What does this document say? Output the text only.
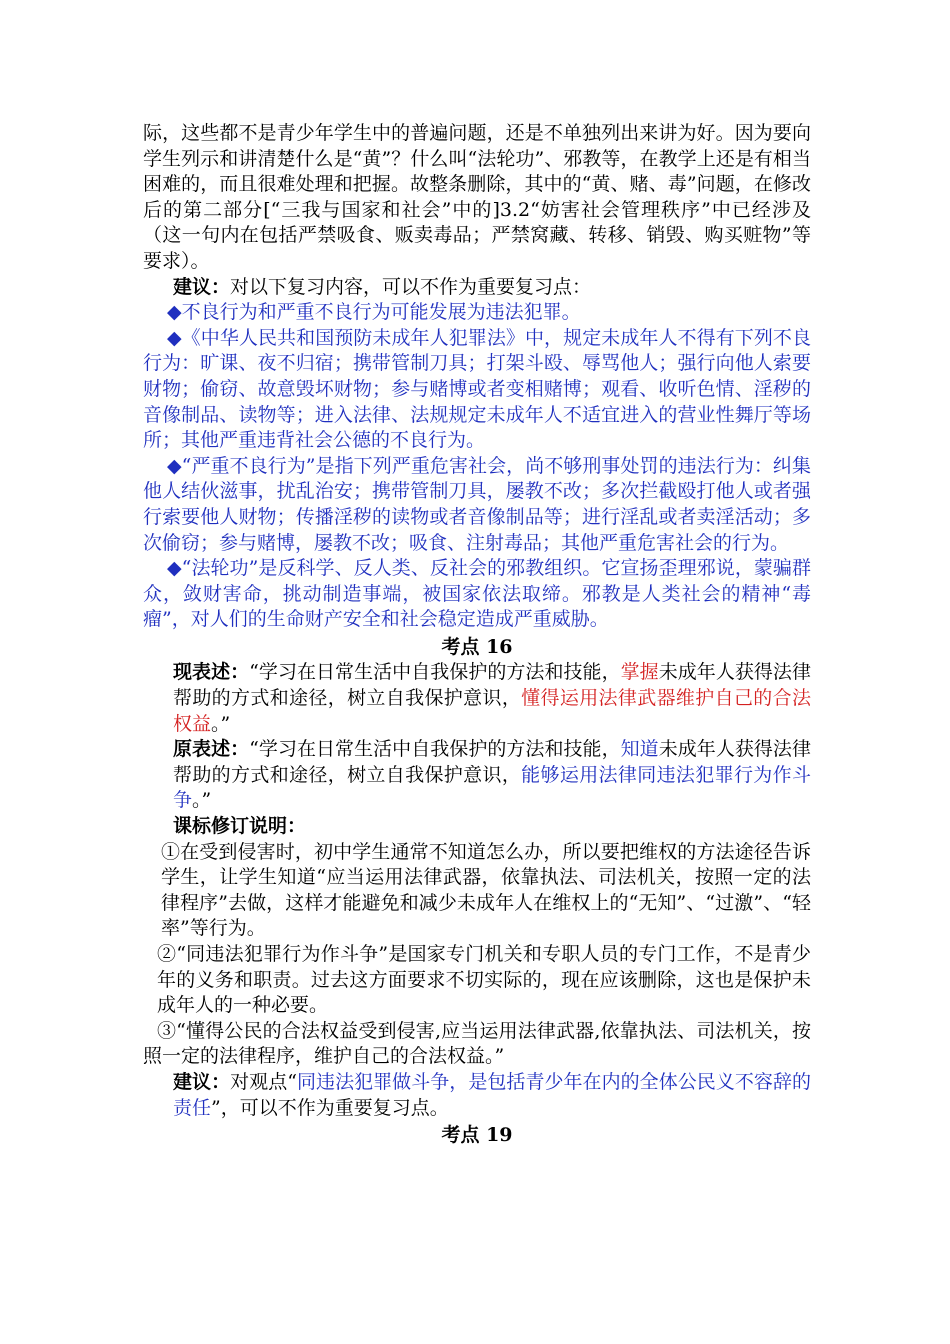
际，这些都不是青少年学生中的普遍问题，还是不单独列出来讲为好。因为要向学生列示和讲清楚什么是“黄”？什么叫“法轮功”、邪教等，在教学上还是有相当困难的，而且很难处理和把握。故整条删除，其中的“黄、赌、毒”问题，在修改后的第二部分[“三我与国家和社会”中的]3.2“妨害社会管理秩序”中已经涉及（这一句内在包括严禁吸食、贩卖毒品；严禁窝藏、转移、销毁、购买赃物”等要求）。

建议：对以下复习内容，可以不作为重要复习点：

◆不良行为和严重不良行为可能发展为违法犯罪。

◆《中华人民共和国预防未成年人犯罪法》中，规定未成年人不得有下列不良行为：旷课、夜不归宿；携带管制刀具；打架斗殴、辱骂他人；强行向他人索要财物；偷窃、故意毁坏财物；参与赌博或者变相赌博；观看、收听色情、淫秽的音像制品、读物等；进入法律、法规规定未成年人不适宜进入的营业性舞厅等场所；其他严重违背社会公德的不良行为。

◆“严重不良行为”是指下列严重危害社会，尚不够刑事处罚的违法行为：纠集他人结伙滋事，扰乱治安；携带管制刀具，屡教不改；多次拦截殴打他人或者强行索要他人财物；传播淫秽的读物或者音像制品等；进行淫乱或者卖淫活动；多次偷窃；参与赌博，屡教不改；吸食、注射毒品；其他严重危害社会的行为。

◆“法轮功”是反科学、反人类、反社会的邪教组织。它宣扬歪理邪说，蒙骗群众，敛财害命，挑动制造事端，被国家依法取缔。邪教是人类社会的精神“毒瘤”，对人们的生命财产安全和社会稳定造成严重威胁。

考点 16

现表述：“学习在日常生活中自我保护的方法和技能，掌握未成年人获得法律帮助的方式和途径，树立自我保护意识，懂得运用法律武器维护自己的合法权益。”

原表述：“学习在日常生活中自我保护的方法和技能，知道未成年人获得法律帮助的方式和途径，树立自我保护意识，能够运用法律同违法犯罪行为作斗争。”

课标修订说明：

①在受到侵害时，初中学生通常不知道怎么办，所以要把维权的方法途径告诉学生，让学生知道“应当运用法律武器，依靠执法、司法机关，按照一定的法律程序”去做，这样才能避免和减少未成年人在维权上的“无知”、“过激”、“轻率”等行为。

②“同违法犯罪行为作斗争”是国家专门机关和专职人员的专门工作，不是青少年的义务和职责。过去这方面要求不切实际的，现在应该删除，这也是保护未成年人的一种必要。

③“懂得公民的合法权益受到侵害,应当运用法律武器,依靠执法、司法机关，按照一定的法律程序，维护自己的合法权益。”

建议：对观点“同违法犯罪做斗争，是包括青少年在内的全体公民义不容辞的责任”，可以不作为重要复习点。

考点 19
